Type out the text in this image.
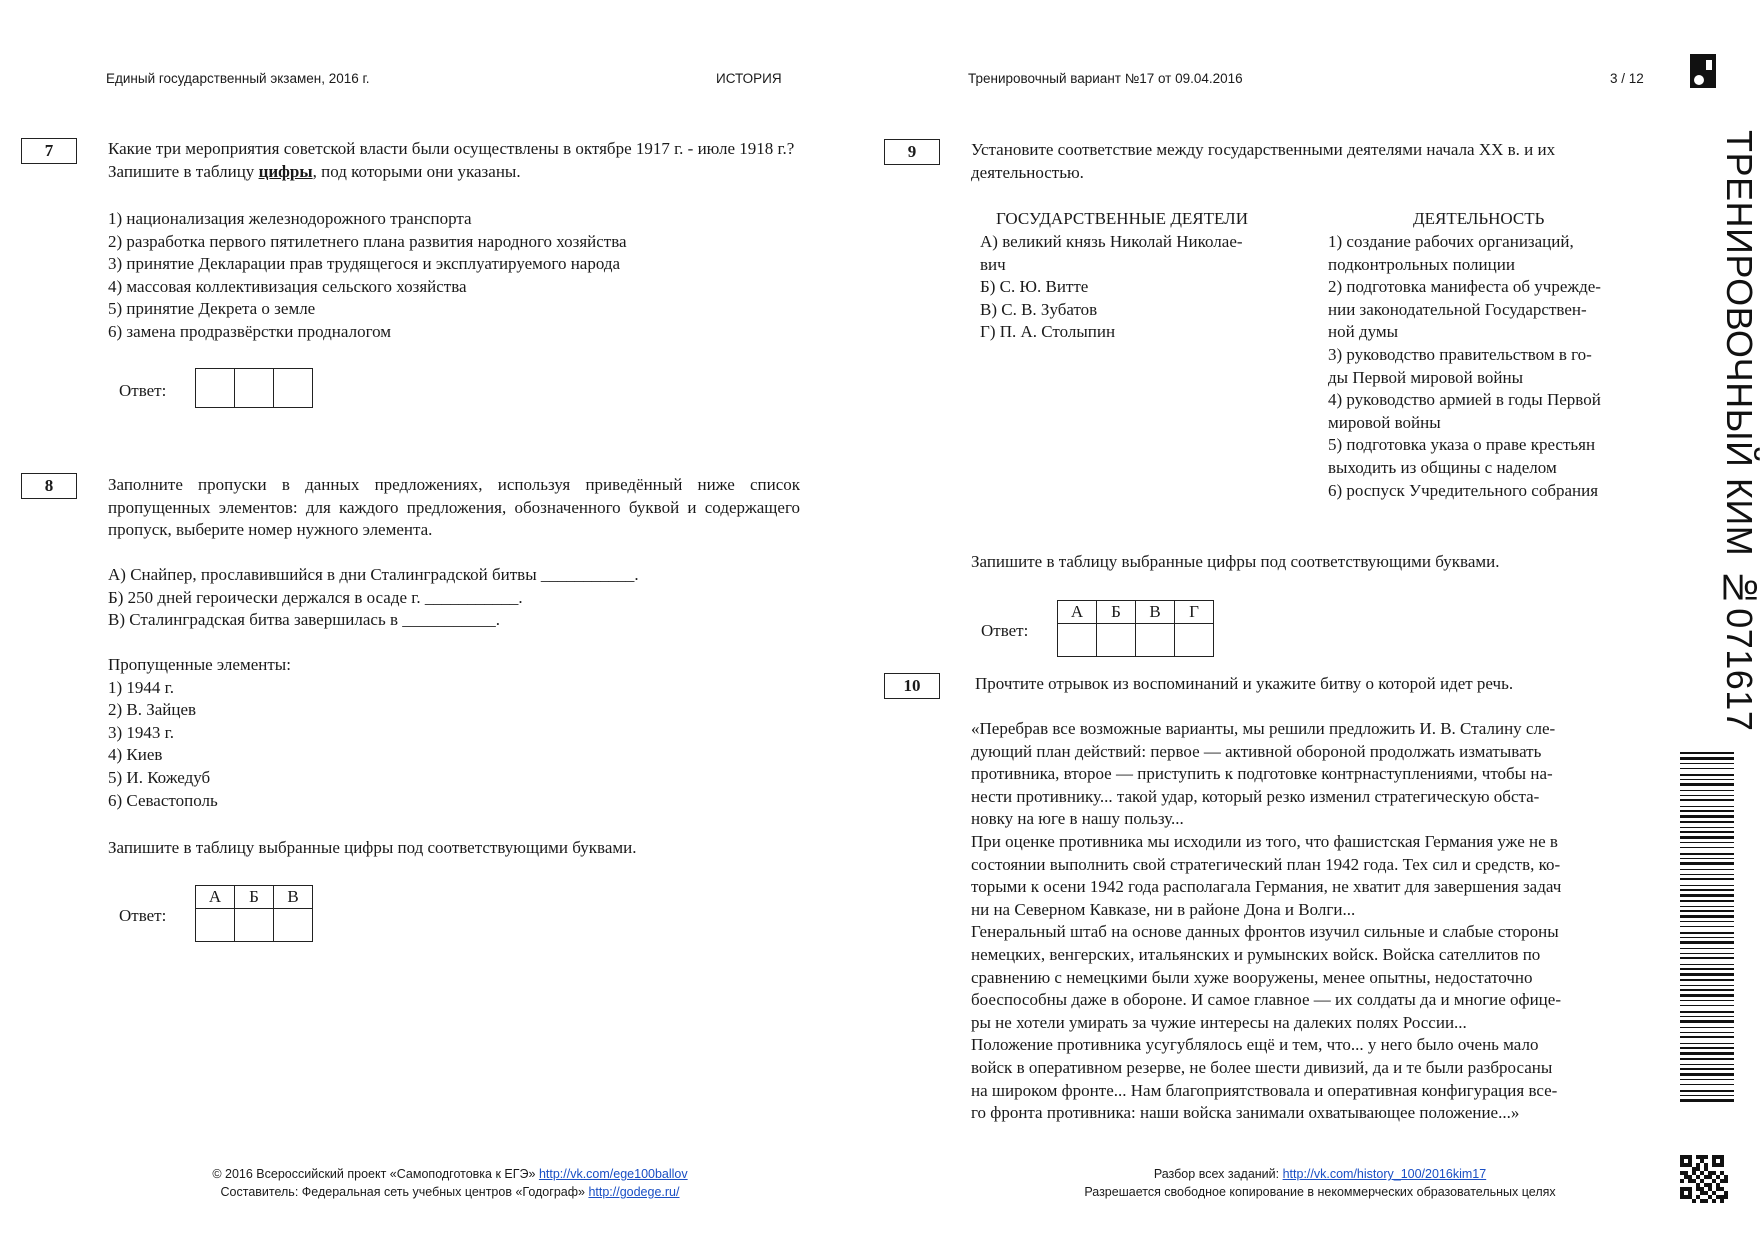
Единый государственный экзамен, 2016 г.	ИСТОРИЯ	Тренировочный вариант №17 от 09.04.2016	3 / 12
7	Какие три мероприятия советской власти были осуществлены в октябре 1917 г. - июле 1918 г.? Запишите в таблицу цифры, под которыми они указаны.

1) национализация железнодорожного транспорта

2) разработка первого пятилетнего плана развития народного хозяйства

3) принятие Декларации прав трудящегося и эксплуатируемого народа

4) массовая коллективизация сельского хозяйства

5) принятие Декрета о земле

6) замена продразвёрстки продналогом

Ответ:

8	Заполните пропуски в данных предложениях, используя приведённый ниже список пропущенных элементов: для каждого предложения, обозначенного буквой и содержащего пропуск, выберите номер нужного элемента.

А) Снайпер, прославившийся в дни Сталинградской битвы ___________.

Б) 250 дней героически держался в осаде г. ___________.

В) Сталинградская битва завершилась в ___________.

Пропущенные элементы:

1) 1944 г.

2) В. Зайцев

3) 1943 г.

4) Киев

5) И. Кожедуб

6) Севастополь

Запишите в таблицу выбранные цифры под соответствующими буквами.
Ответ:
А	Б	В

9	Установите соответствие между государственными деятелями начала XX в. и их деятельностью.
ГОСУДАРСТВЕННЫЕ ДЕЯТЕЛИ	ДЕЯТЕЛЬНОСТЬ

А) великий князь Николай Николае-

вич

Б) С. Ю. Витте

В) С. В. Зубатов

Г) П. А. Столыпин

1) создание рабочих организаций,

подконтрольных полиции

2) подготовка манифеста об учрежде-

нии законодательной Государствен-

ной думы

3) руководство правительством в го-

ды Первой мировой войны

4) руководство армией в годы Первой

мировой войны

5) подготовка указа о праве крестьян

выходить из общины с наделом

6) роспуск Учредительного собрания

Запишите в таблицу выбранные цифры под соответствующими буквами.
Ответ:
А	Б	В	Г

10	Прочтите отрывок из воспоминаний и укажите битву о которой идет речь.

«Перебрав все возможные варианты, мы решили предложить И. В. Сталину сле-

дующий план действий: первое — активной обороной продолжать изматывать

противника, второе — приступить к подготовке контрнаступлениями, чтобы на-

нести противнику... такой удар, который резко изменил стратегическую обста-

новку на юге в нашу пользу...

При оценке противника мы исходили из того, что фашистская Германия уже не в

состоянии выполнить свой стратегический план 1942 года. Тех сил и средств, ко-

торыми к осени 1942 года располагала Германия, не хватит для завершения задач

ни на Северном Кавказе, ни в районе Дона и Волги...

Генеральный штаб на основе данных фронтов изучил сильные и слабые стороны

немецких, венгерских, итальянских и румынских войск. Войска сателлитов по

сравнению с немецкими были хуже вооружены, менее опытны, недостаточно

боеспособны даже в обороне. И самое главное — их солдаты да и многие офице-

ры не хотели умирать за чужие интересы на далеких полях России...

Положение противника усугублялось ещё и тем, что... у него было очень мало

войск в оперативном резерве, не более шести дивизий, да и те были разбросаны

на широком фронте... Нам благоприятствовала и оперативная конфигурация все-

го фронта противника: наши войска занимали охватывающее положение...»

© 2016 Всероссийский проект «Самоподготовка к ЕГЭ» http://vk.com/ege100ballov
Составитель: Федеральная сеть учебных центров «Годограф» http://godege.ru/
Разбор всех заданий: http://vk.com/history_100/2016kim17
Разрешается свободное копирование в некоммерческих образовательных целях
ТРЕНИРОВОЧНЫЙ КИМ №071617
